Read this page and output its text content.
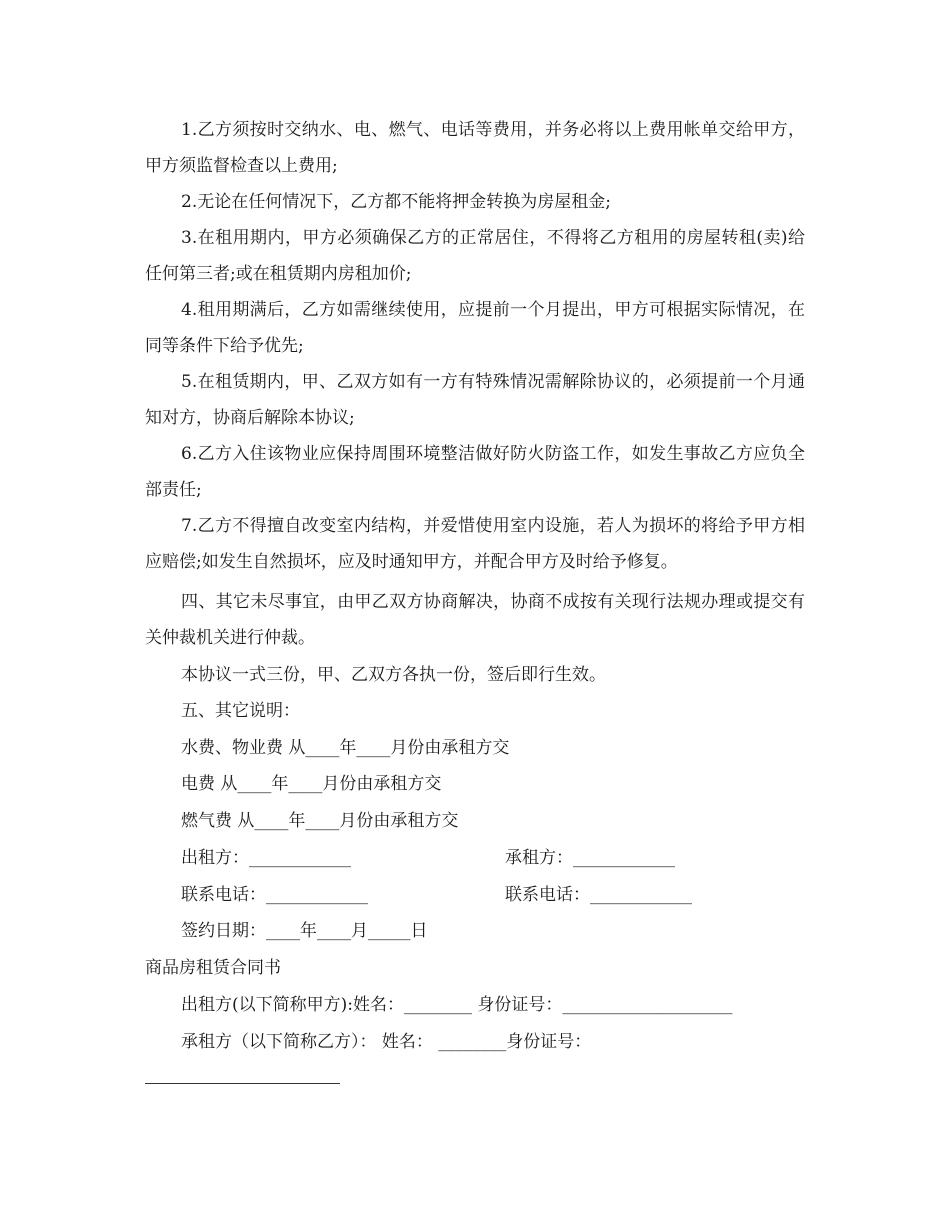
1.乙方须按时交纳水、电、燃气、电话等费用，并务必将以上费用帐单交给甲方，甲方须监督检查以上费用;
2.无论在任何情况下，乙方都不能将押金转换为房屋租金;
3.在租用期内，甲方必须确保乙方的正常居住，不得将乙方租用的房屋转租(卖)给任何第三者;或在租赁期内房租加价;
4.租用期满后，乙方如需继续使用，应提前一个月提出，甲方可根据实际情况，在同等条件下给予优先;
5.在租赁期内，甲、乙双方如有一方有特殊情况需解除协议的，必须提前一个月通知对方，协商后解除本协议;
6.乙方入住该物业应保持周围环境整洁做好防火防盗工作，如发生事故乙方应负全部责任;
7.乙方不得擅自改变室内结构，并爱惜使用室内设施，若人为损坏的将给予甲方相应赔偿;如发生自然损坏，应及时通知甲方，并配合甲方及时给予修复。
四、其它未尽事宜，由甲乙双方协商解决，协商不成按有关现行法规办理或提交有关仲裁机关进行仲裁。
本协议一式三份，甲、乙双方各执一份，签后即行生效。
五、其它说明：
水费、物业费 从____年____月份由承租方交
电费 从____年____月份由承租方交
燃气费 从____年____月份由承租方交
出租方：____________	承租方：____________
联系电话：____________	联系电话：____________
签约日期：____年____月_____日
商品房租赁合同书
出租方(以下简称甲方):姓名：________ 身份证号：____________________
承租方（以下简称乙方）： 姓名： ________身份证号：
